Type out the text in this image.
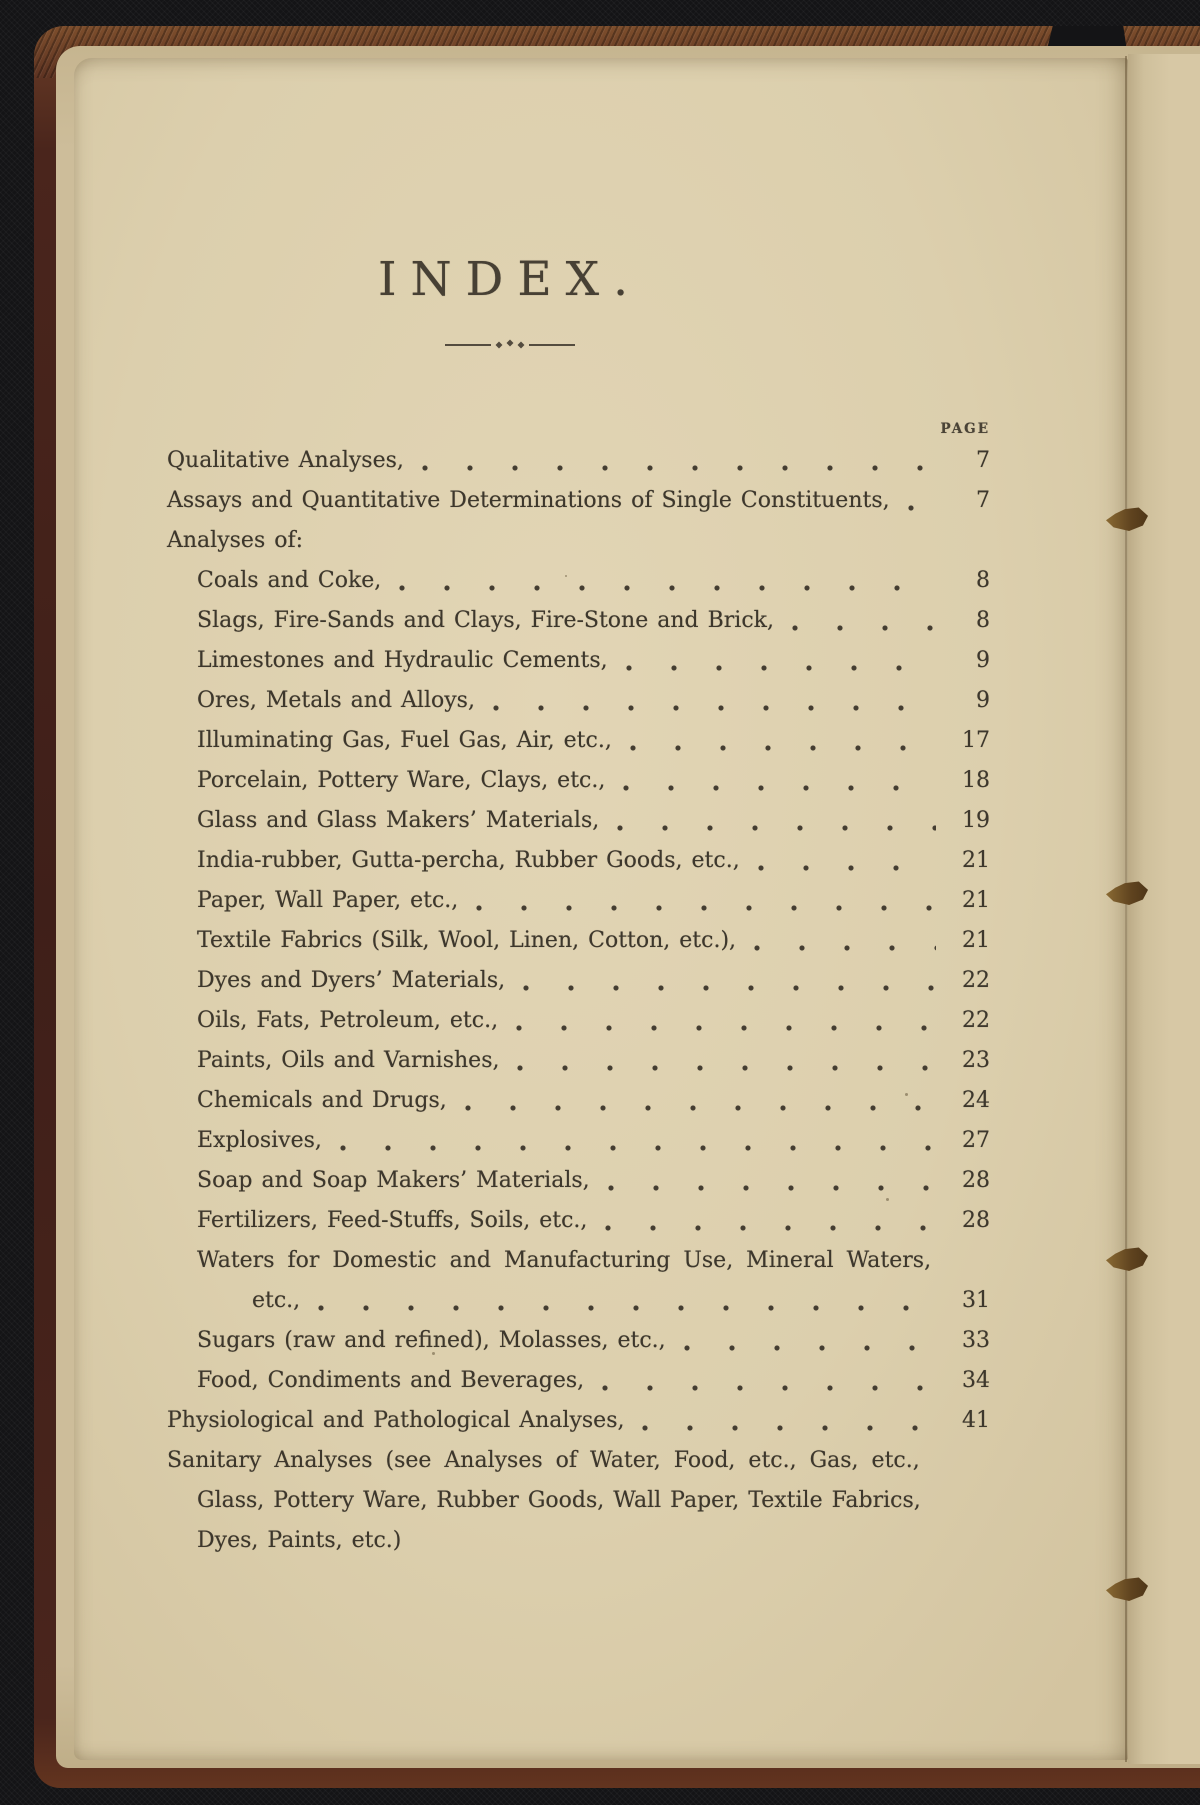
INDEX.
PAGE
Qualitative Analyses,	7
Assays and Quantitative Determinations of Single Constituents,	7
Analyses of:
Coals and Coke,	8
Slags, Fire-Sands and Clays, Fire-Stone and Brick,	8
Limestones and Hydraulic Cements,	9
Ores, Metals and Alloys,	9
Illuminating Gas, Fuel Gas, Air, etc.,	17
Porcelain, Pottery Ware, Clays, etc.,	18
Glass and Glass Makers’ Materials,	19
India-rubber, Gutta-percha, Rubber Goods, etc.,	21
Paper, Wall Paper, etc.,	21
Textile Fabrics (Silk, Wool, Linen, Cotton, etc.),	21
Dyes and Dyers’ Materials,	22
Oils, Fats, Petroleum, etc.,	22
Paints, Oils and Varnishes,	23
Chemicals and Drugs,	24
Explosives,	27
Soap and Soap Makers’ Materials,	28
Fertilizers, Feed-Stuffs, Soils, etc.,	28
Waters for Domestic and Manufacturing Use, Mineral Waters,
etc.,	31
Sugars (raw and refined), Molasses, etc.,	33
Food, Condiments and Beverages,	34
Physiological and Pathological Analyses,	41
Sanitary Analyses (see Analyses of Water, Food, etc., Gas, etc.,
Glass, Pottery Ware, Rubber Goods, Wall Paper, Textile Fabrics,
Dyes, Paints, etc.)
